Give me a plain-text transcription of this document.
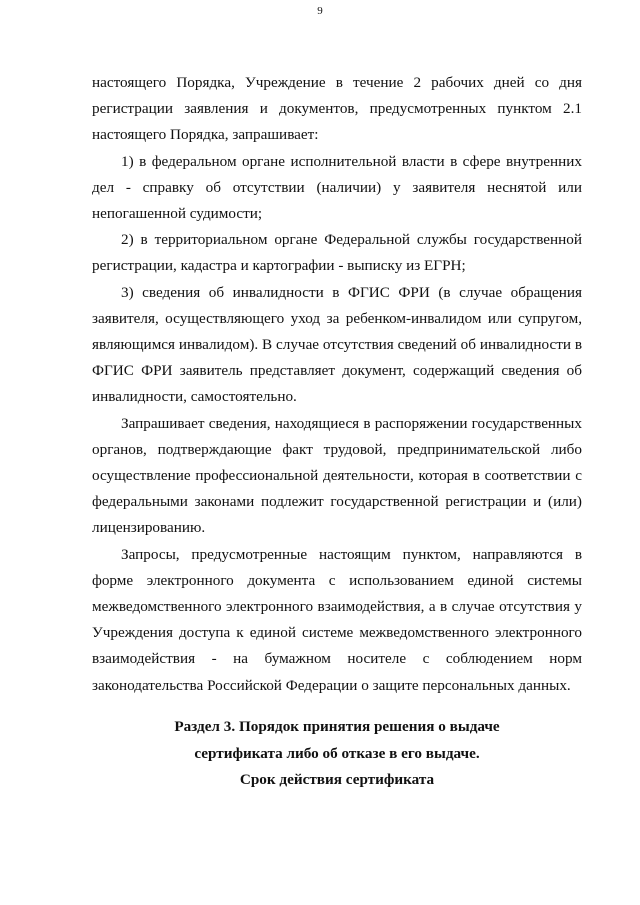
9

настоящего Порядка, Учреждение в течение 2 рабочих дней со дня регистрации заявления и документов, предусмотренных пунктом 2.1 настоящего Порядка, запрашивает:

1) в федеральном органе исполнительной власти в сфере внутренних дел - справку об отсутствии (наличии) у заявителя неснятой или непогашенной судимости;

2) в территориальном органе Федеральной службы государственной регистрации, кадастра и картографии - выписку из ЕГРН;

3) сведения об инвалидности в ФГИС ФРИ (в случае обращения заявителя, осуществляющего уход за ребенком-инвалидом или супругом, являющимся инвалидом). В случае отсутствия сведений об инвалидности в ФГИС ФРИ заявитель представляет документ, содержащий сведения об инвалидности, самостоятельно.

Запрашивает сведения, находящиеся в распоряжении государственных органов, подтверждающие факт трудовой, предпринимательской либо осуществление профессиональной деятельности, которая в соответствии с федеральными законами подлежит государственной регистрации и (или) лицензированию.

Запросы, предусмотренные настоящим пунктом, направляются в форме электронного документа с использованием единой системы межведомственного электронного взаимодействия, а в случае отсутствия у Учреждения доступа к единой системе межведомственного электронного взаимодействия - на бумажном носителе с соблюдением норм законодательства Российской Федерации о защите персональных данных.

Раздел 3. Порядок принятия решения о выдаче
сертификата либо об отказе в его выдаче.
Срок действия сертификата
